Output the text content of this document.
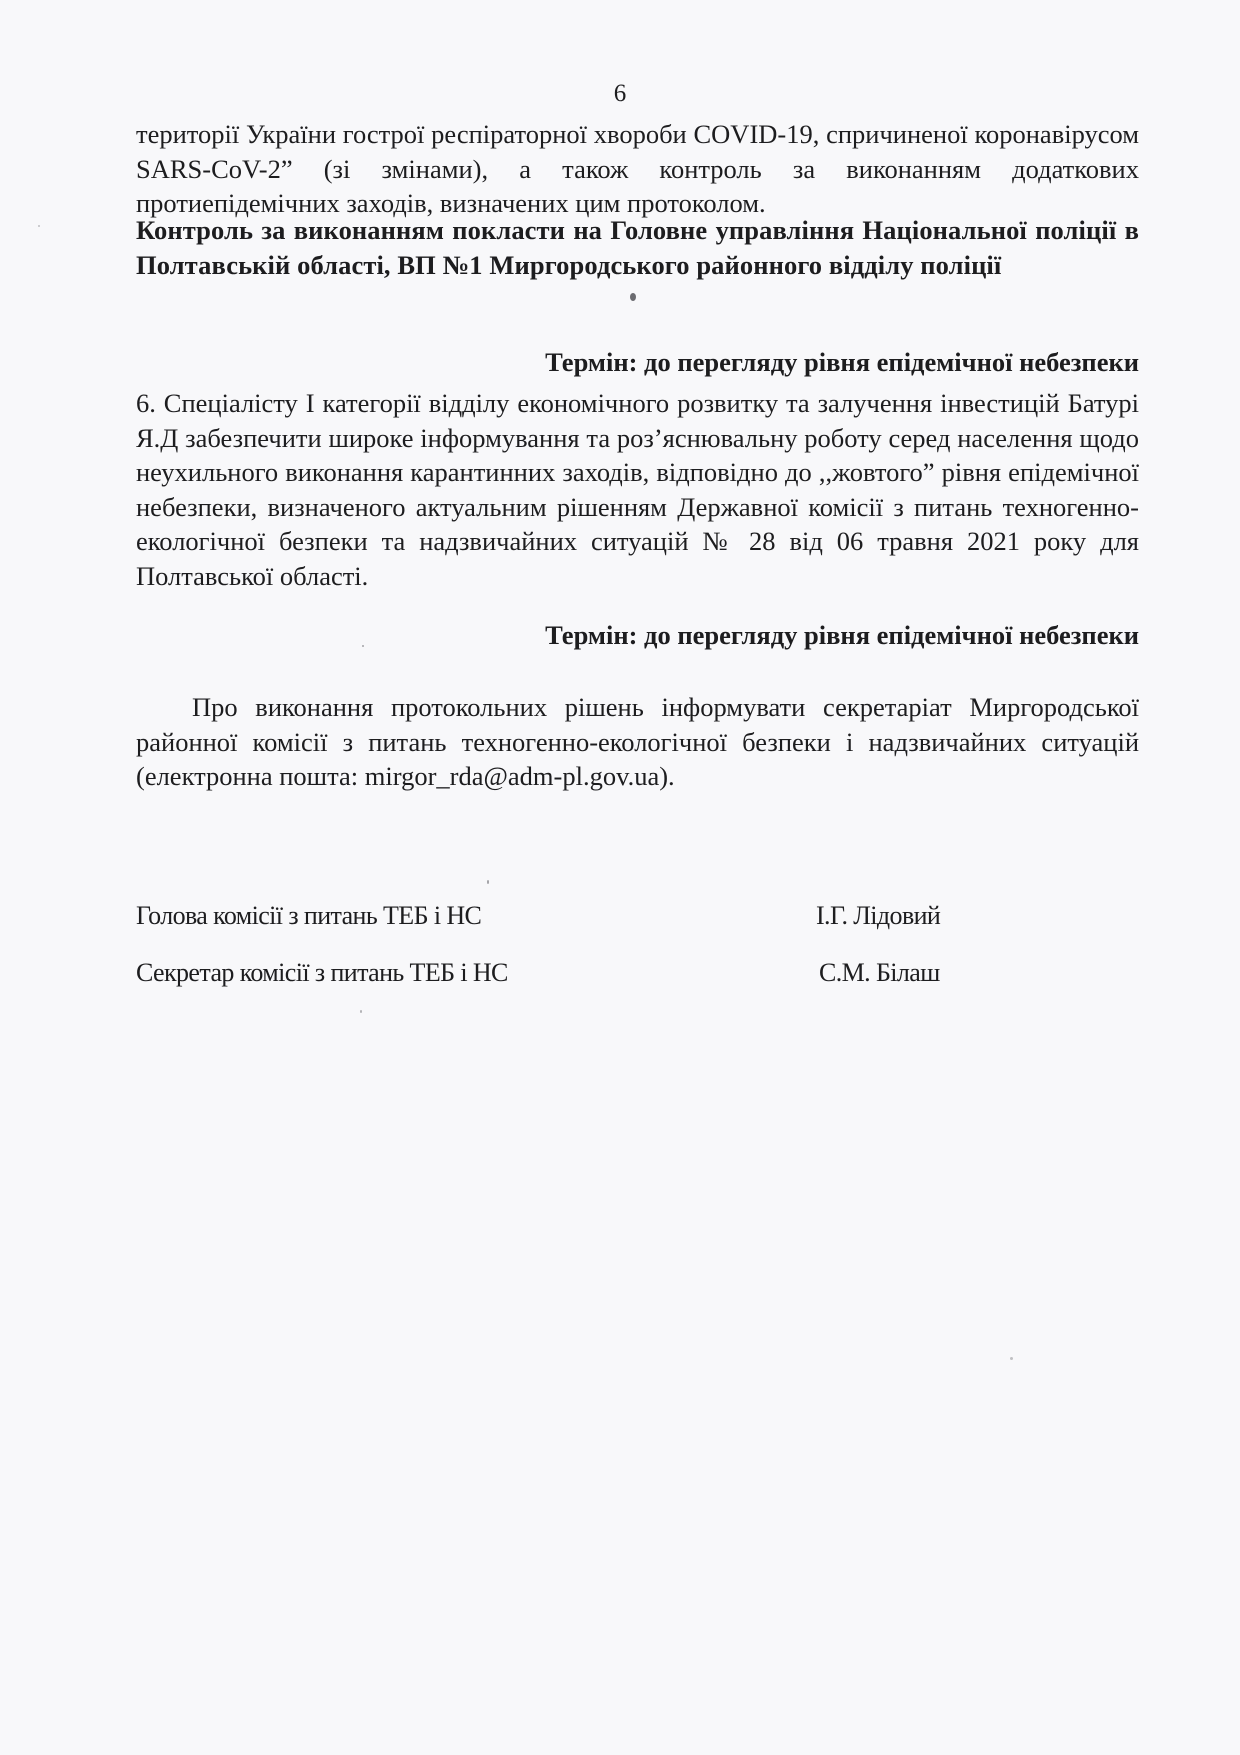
6
території України гострої респіраторної хвороби COVID-19, спричиненої коронавірусом SARS-CoV-2” (зі змінами), а також контроль за виконанням додаткових протиепідемічних заходів, визначених цим протоколом.
Контроль за виконанням покласти на Головне управління Національної поліції в Полтавській області, ВП №1 Миргородського районного відділу поліції
Термін: до перегляду рівня епідемічної небезпеки
6. Спеціалісту I категорії відділу економічного розвитку та залучення інвестицій Батурі Я.Д забезпечити широке інформування та роз’яснювальну роботу серед населення щодо неухильного виконання карантинних заходів, відповідно до ,,жовтого” рівня епідемічної небезпеки, визначеного актуальним рішенням Державної комісії з питань техногенно-екологічної безпеки та надзвичайних ситуацій № 28 від 06 травня 2021 року для Полтавської області.
Термін: до перегляду рівня епідемічної небезпеки
Про виконання протокольних рішень інформувати секретаріат Миргородської районної комісії з питань техногенно-екологічної безпеки і надзвичайних ситуацій (електронна пошта: mirgor_rda@adm-pl.gov.ua).
Голова комісії з питань ТЕБ і НС	І.Г. Лідовий
Секретар комісії з питань ТЕБ і НС	С.М. Білаш
